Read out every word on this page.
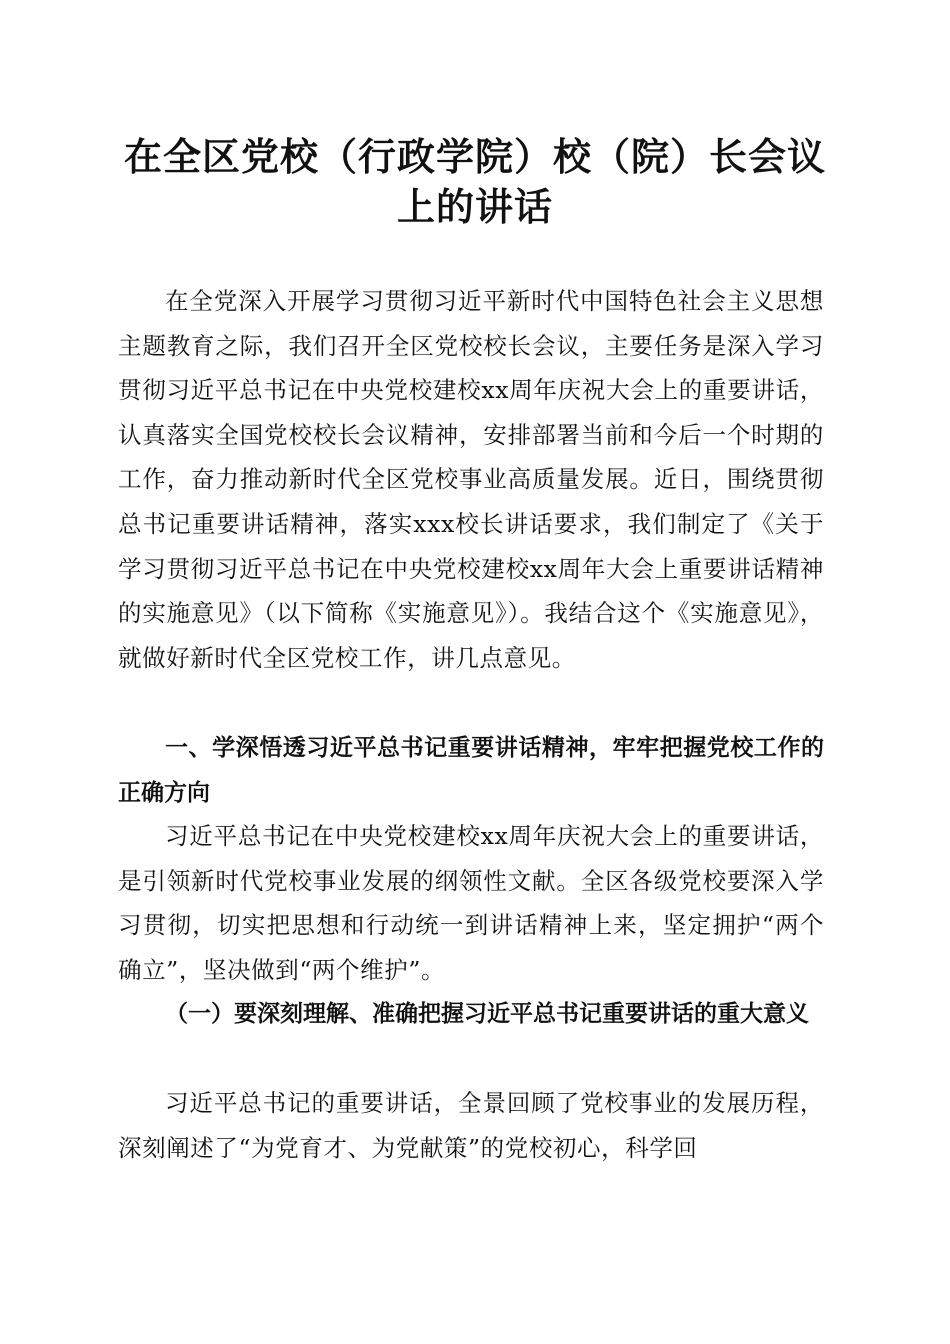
在全区党校（行政学院）校（院）长会议上的讲话

在全党深入开展学习贯彻习近平新时代中国特色社会主义思想主题教育之际，我们召开全区党校校长会议，主要任务是深入学习贯彻习近平总书记在中央党校建校xx周年庆祝大会上的重要讲话，认真落实全国党校校长会议精神，安排部署当前和今后一个时期的工作，奋力推动新时代全区党校事业高质量发展。近日，围绕贯彻总书记重要讲话精神，落实xxx校长讲话要求，我们制定了《关于学习贯彻习近平总书记在中央党校建校xx周年大会上重要讲话精神的实施意见》（以下简称《实施意见》）。我结合这个《实施意见》，就做好新时代全区党校工作，讲几点意见。

一、学深悟透习近平总书记重要讲话精神，牢牢把握党校工作的正确方向

习近平总书记在中央党校建校xx周年庆祝大会上的重要讲话，是引领新时代党校事业发展的纲领性文献。全区各级党校要深入学习贯彻，切实把思想和行动统一到讲话精神上来，坚定拥护“两个确立”，坚决做到“两个维护”。

（一）要深刻理解、准确把握习近平总书记重要讲话的重大意义

习近平总书记的重要讲话，全景回顾了党校事业的发展历程，深刻阐述了“为党育才、为党献策”的党校初心，科学回
